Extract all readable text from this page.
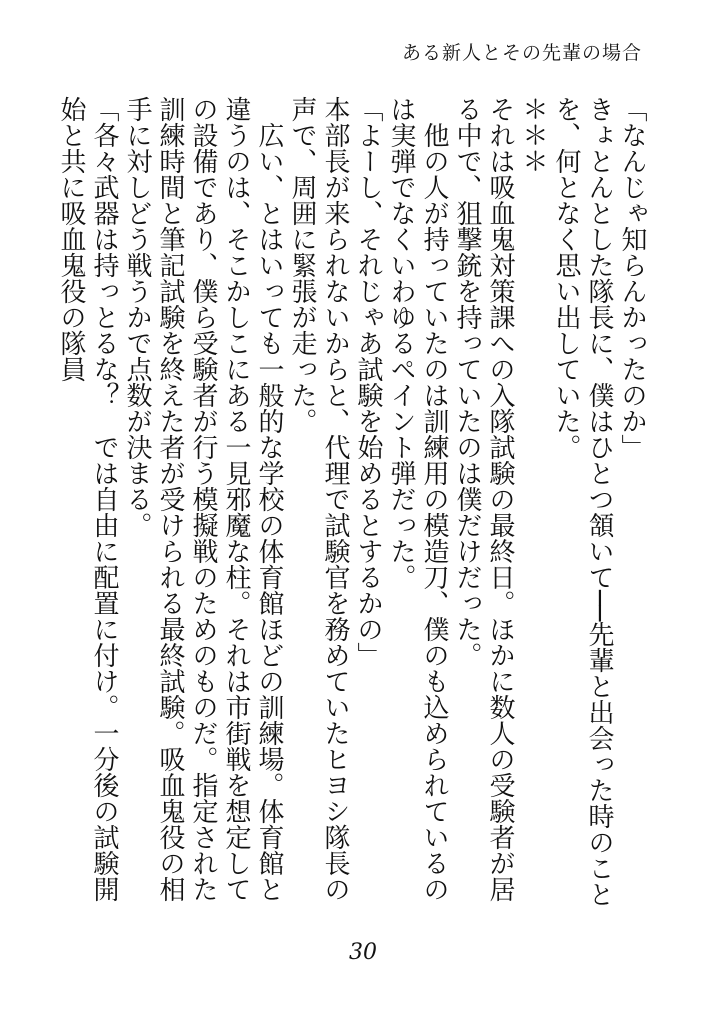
ある新人とその先輩の場合

「なんじゃ知らんかったのか」

きょとんとした隊長に、僕はひとつ頷いて──先輩と出会った時のことを、何となく思い出していた。

＊＊＊

それは吸血鬼対策課への入隊試験の最終日。ほかに数人の受験者が居る中で、狙撃銃を持っていたのは僕だけだった。

　他の人が持っていたのは訓練用の模造刀、僕のも込められているのは実弾でなくいわゆるペイント弾だった。

「よーし、それじゃあ試験を始めるとするかの」

本部長が来られないからと、代理で試験官を務めていたヒヨシ隊長の声で、周囲に緊張が走った。

　広い、とはいっても一般的な学校の体育館ほどの訓練場。体育館と違うのは、そこかしこにある一見邪魔な柱。それは市街戦を想定しての設備であり、僕ら受験者が行う模擬戦のためのものだ。指定された訓練時間と筆記試験を終えた者が受けられる最終試験。吸血鬼役の相手に対しどう戦うかで点数が決まる。

「各々武器は持っとるな？　では自由に配置に付け。一分後の試験開始と共に吸血鬼役の隊員

30
